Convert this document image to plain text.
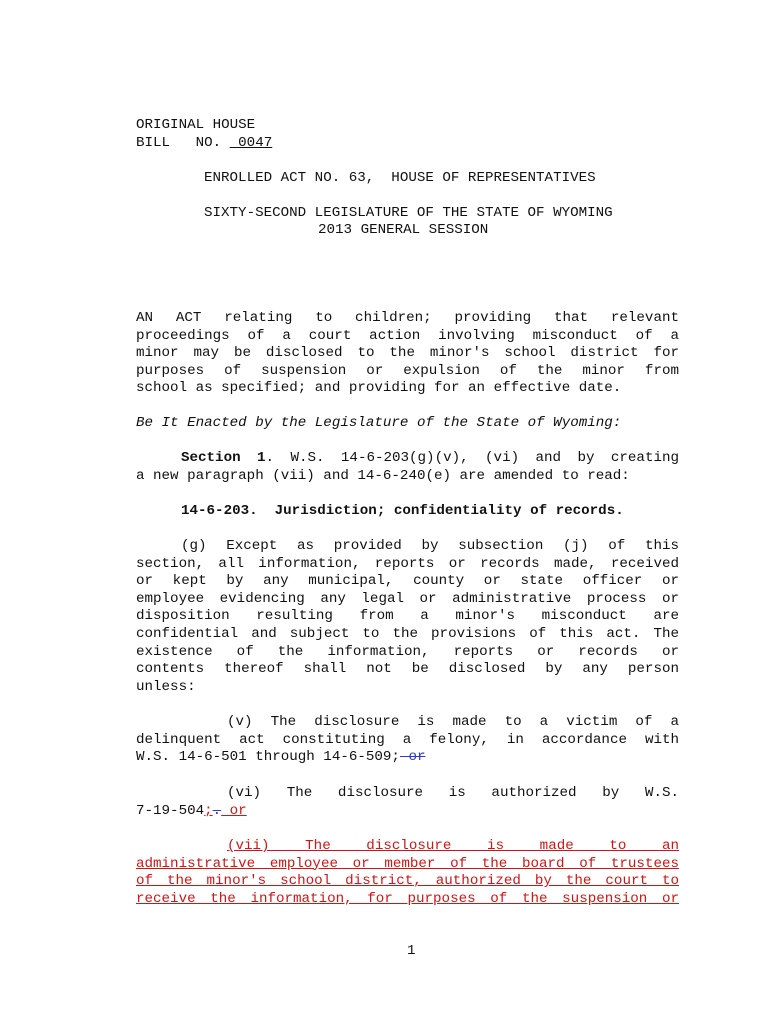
ORIGINAL HOUSE
BILL   NO.  0047
ENROLLED ACT NO. 63,  HOUSE OF REPRESENTATIVES
SIXTY-SECOND LEGISLATURE OF THE STATE OF WYOMING
2013 GENERAL SESSION
AN ACT relating to children; providing that relevant
proceedings of a court action involving misconduct of a
minor may be disclosed to the minor's school district for
purposes of suspension or expulsion of the minor from
school as specified; and providing for an effective date.
Be It Enacted by the Legislature of the State of Wyoming:
Section 1. W.S. 14-6-203(g)(v), (vi) and by creating
a new paragraph (vii) and 14-6-240(e) are amended to read:
14-6-203.  Jurisdiction; confidentiality of records.
(g) Except as provided by subsection (j) of this
section, all information, reports or records made, received
or kept by any municipal, county or state officer or
employee evidencing any legal or administrative process or
disposition resulting from a minor's misconduct are
confidential and subject to the provisions of this act. The
existence of the information, reports or records or
contents thereof shall not be disclosed by any person
unless:
(v) The disclosure is made to a victim of a
delinquent act constituting a felony, in accordance with
W.S. 14-6-501 through 14-6-509; or
(vi) The disclosure is authorized by W.S.
7-19-504;. or
(vii) The disclosure is made to an
administrative employee or member of the board of trustees
of the minor's school district, authorized by the court to
receive the information, for purposes of the suspension or
1
